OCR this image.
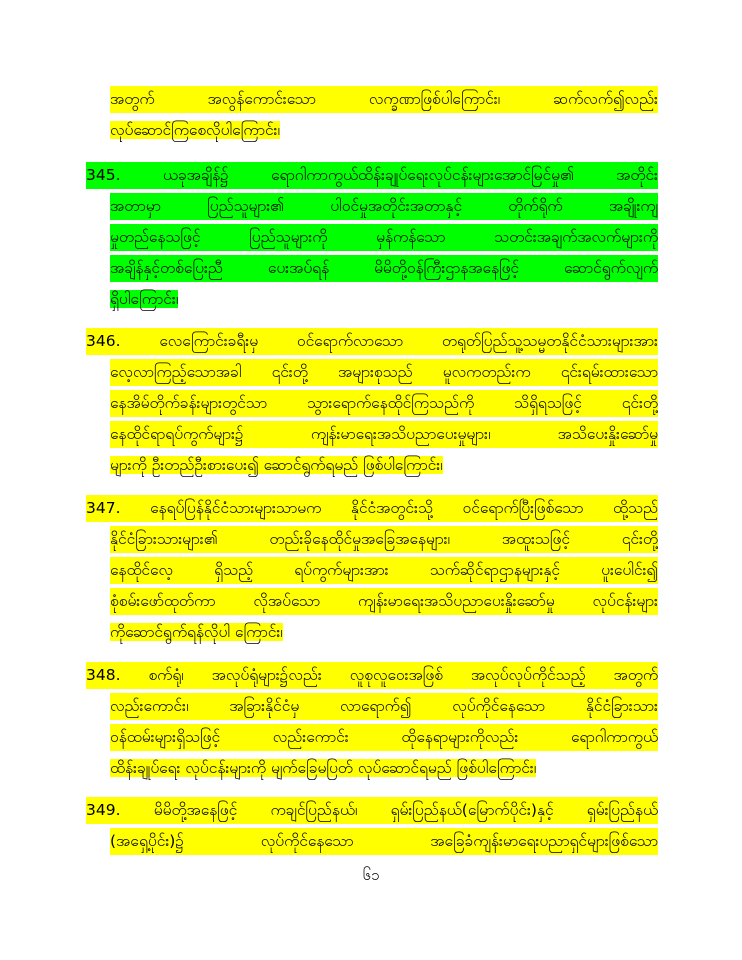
အတွက် အလွန်ကောင်းသော လက္ခဏာဖြစ်ပါကြောင်း၊ ဆက်လက်၍လည်း
လုပ်ဆောင်ကြစေလိုပါကြောင်း၊
345. ယခုအချိန်၌ ရောဂါကာကွယ်ထိန်းချုပ်ရေးလုပ်ငန်းများအောင်မြင်မှု၏ အတိုင်း
အတာမှာ ပြည်သူများ၏ ပါဝင်မှုအတိုင်းအတာနှင့် တိုက်ရိုက် အချိုးကျ
မှုတည်နေသဖြင့် ပြည်သူများကို မှန်ကန်သော သတင်းအချက်အလက်များကို
အချိန်နှင့်တစ်ပြေးညီ ပေးအပ်ရန် မိမိတို့ဝန်ကြီးဌာနအနေဖြင့် ဆောင်ရွက်လျက်
ရှိပါကြောင်း၊
346. လေကြောင်းခရီးမှ ဝင်ရောက်လာသော တရုတ်ပြည်သူ့သမ္မတနိုင်ငံသားများအား
လေ့လာကြည့်သောအခါ ၎င်းတို့ အများစုသည် မူလကတည်းက ၎င်းရမ်းထားသော
နေအိမ်တိုက်ခန်းများတွင်သာ သွားရောက်နေထိုင်ကြသည်ကို သိရှိရသဖြင့် ၎င်းတို့
နေထိုင်ရာရပ်ကွက်များ၌ ကျန်းမာရေးအသိပညာပေးမှုများ၊ အသိပေးနှိုးဆော်မှု
များကို ဦးတည်ဦးစားပေး၍ ဆောင်ရွက်ရမည် ဖြစ်ပါကြောင်း၊
347. နေရပ်ပြန်နိုင်ငံသားများသာမက နိုင်ငံအတွင်းသို့ ဝင်ရောက်ပြီးဖြစ်သော ထို့သည်
နိုင်ငံခြားသားများ၏ တည်းခိုနေထိုင်မှုအခြေအနေများ၊ အထူးသဖြင့် ၎င်းတို့
နေထိုင်လေ့ ရှိသည့် ရပ်ကွက်များအား သက်ဆိုင်ရာဌာနများနှင့် ပူးပေါင်း၍
စုံစမ်းဖော်ထုတ်ကာ လိုအပ်သော ကျန်းမာရေးအသိပညာပေးနှိုးဆော်မှု လုပ်ငန်းများ
ကိုဆောင်ရွက်ရန်လိုပါ ကြောင်း၊
348. စက်ရုံ၊ အလုပ်ရုံများ၌လည်း လူစုလူဝေးအဖြစ် အလုပ်လုပ်ကိုင်သည့် အတွက်
လည်းကောင်း၊ အခြားနိုင်ငံမှ လာရောက်၍ လုပ်ကိုင်နေသော နိုင်ငံခြားသား
ဝန်ထမ်းများရှိသဖြင့် လည်းကောင်း ထိုနေရာများကိုလည်း ရောဂါကာကွယ်
ထိန်းချုပ်ရေး လုပ်ငန်းများကို မျက်ခြေမပြတ် လုပ်ဆောင်ရမည် ဖြစ်ပါကြောင်း၊
349. မိမိတို့အနေဖြင့် ကချင်ပြည်နယ်၊ ရှမ်းပြည်နယ်(မြောက်ပိုင်း)နှင့် ရှမ်းပြည်နယ်
(အရှေ့ပိုင်း)၌ လုပ်ကိုင်နေသော အခြေခံကျန်းမာရေးပညာရှင်များဖြစ်သော
၆၁
